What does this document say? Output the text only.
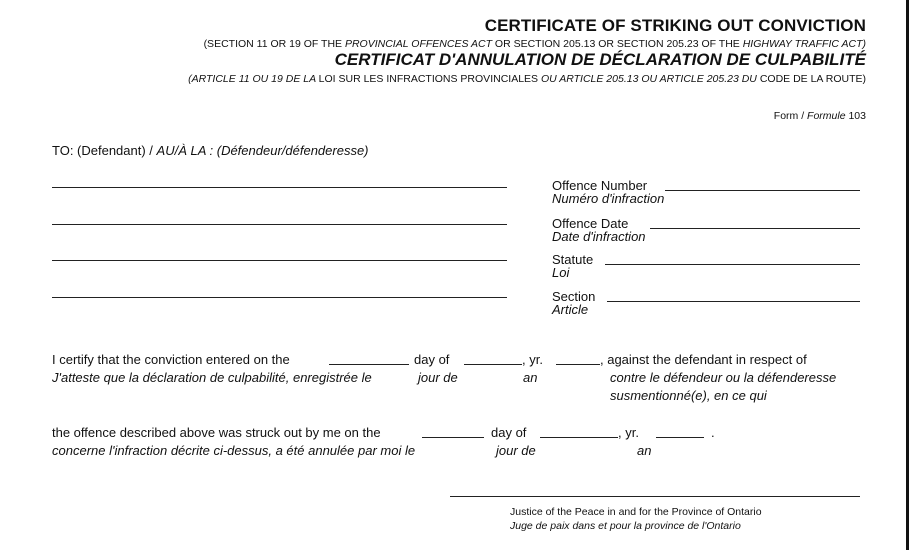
CERTIFICATE OF STRIKING OUT CONVICTION
(SECTION 11 OR 19 OF THE PROVINCIAL OFFENCES ACT OR SECTION 205.13 OR SECTION 205.23 OF THE HIGHWAY TRAFFIC ACT)
CERTIFICAT D'ANNULATION DE DÉCLARATION DE CULPABILITÉ
(ARTICLE 11 OU 19 DE LA LOI SUR LES INFRACTIONS PROVINCIALES OU ARTICLE 205.13 OU ARTICLE 205.23 DU CODE DE LA ROUTE)
Form / Formule 103
TO: (Defendant) / AU/À LA : (Défendeur/défenderesse)
Offence Number
Numéro d'infraction
Offence Date
Date d'infraction
Statute
Loi
Section
Article
I certify that the conviction entered on the	day of	, yr.	, against the defendant in respect of
J'atteste que la déclaration de culpabilité, enregistrée le	jour de	an	contre le défendeur ou la défenderesse
susmentionné(e), en ce qui
the offence described above was struck out by me on the	day of	, yr.	.
concerne l'infraction décrite ci-dessus, a été annulée par moi le	jour de	an
Justice of the Peace in and for the Province of Ontario
Juge de paix dans et pour la province de l'Ontario
